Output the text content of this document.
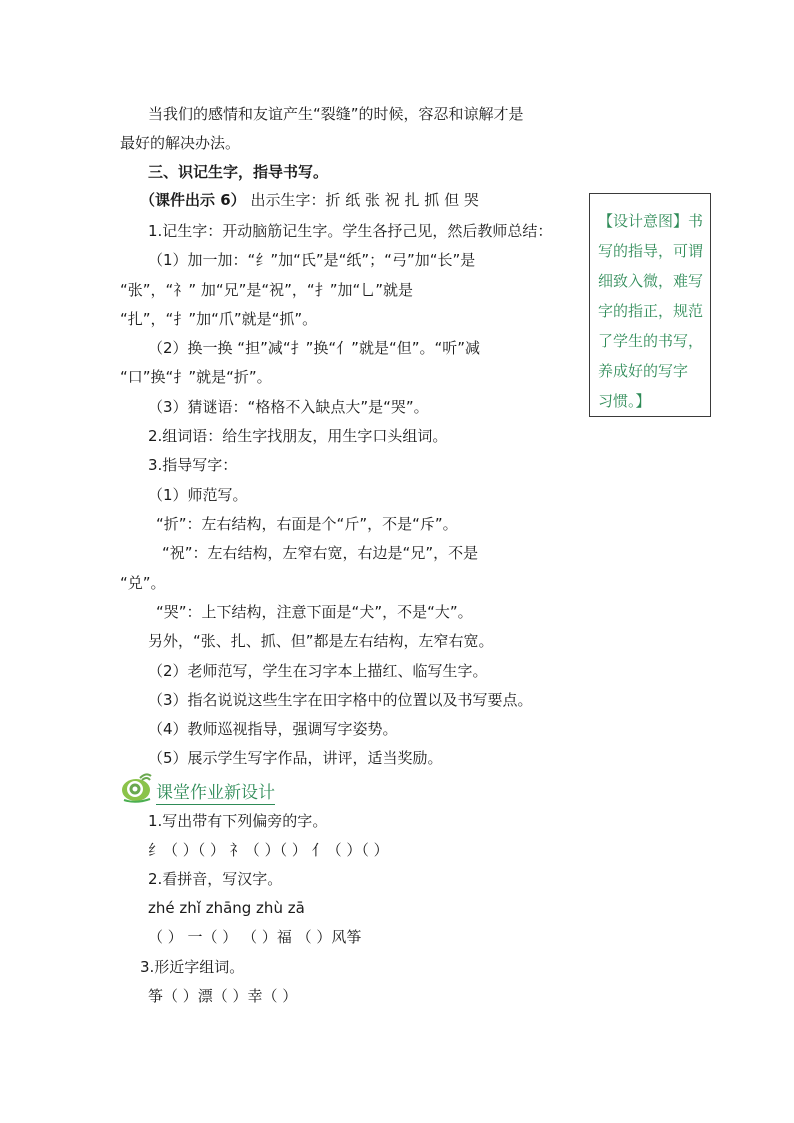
当我们的感情和友谊产生“裂缝”的时候，容忍和谅解才是
最好的解决办法。
三、识记生字，指导书写。
（课件出示 6） 出示生字：折 纸 张 祝 扎 抓 但 哭
1.记生字：开动脑筋记生字。学生各抒己见，然后教师总结：
（1）加一加：“纟”加“氏”是“纸”；“弓”加“长”是
“张”，“礻” 加“兄”是“祝”，“扌”加“乚”就是
“扎”，“扌”加“爪”就是“抓”。
（2）换一换 “担”减“扌”换“亻”就是“但”。“听”减
“口”换“扌”就是“折”。
（3）猜谜语：“格格不入缺点大”是“哭”。
2.组词语：给生字找朋友，用生字口头组词。
3.指导写字：
（1）师范写。
“折”：左右结构，右面是个“斤”，不是“斥”。
“祝”：左右结构，左窄右宽，右边是“兄”，不是
“兑”。
“哭”：上下结构，注意下面是“犬”，不是“大”。
另外，“张、扎、抓、但”都是左右结构，左窄右宽。
（2）老师范写，学生在习字本上描红、临写生字。
（3）指名说说这些生字在田字格中的位置以及书写要点。
（4）教师巡视指导，强调写字姿势。
（5）展示学生写字作品，讲评，适当奖励。
【设计意图】书
写的指导，可谓
细致入微，难写
字的指正，规范
了学生的书写，
养成好的写字
习惯。】
课堂作业新设计
1.写出带有下列偏旁的字。
纟（ ）（ ） 礻（ ）（ ） 亻（ ）（ ）
2.看拼音，写汉字。
zhé zhǐ zhāng zhù zā
（ ） 一（ ） （ ）福 （ ）风筝
3.形近字组词。
筝（ ）漂（ ）幸（ ）
